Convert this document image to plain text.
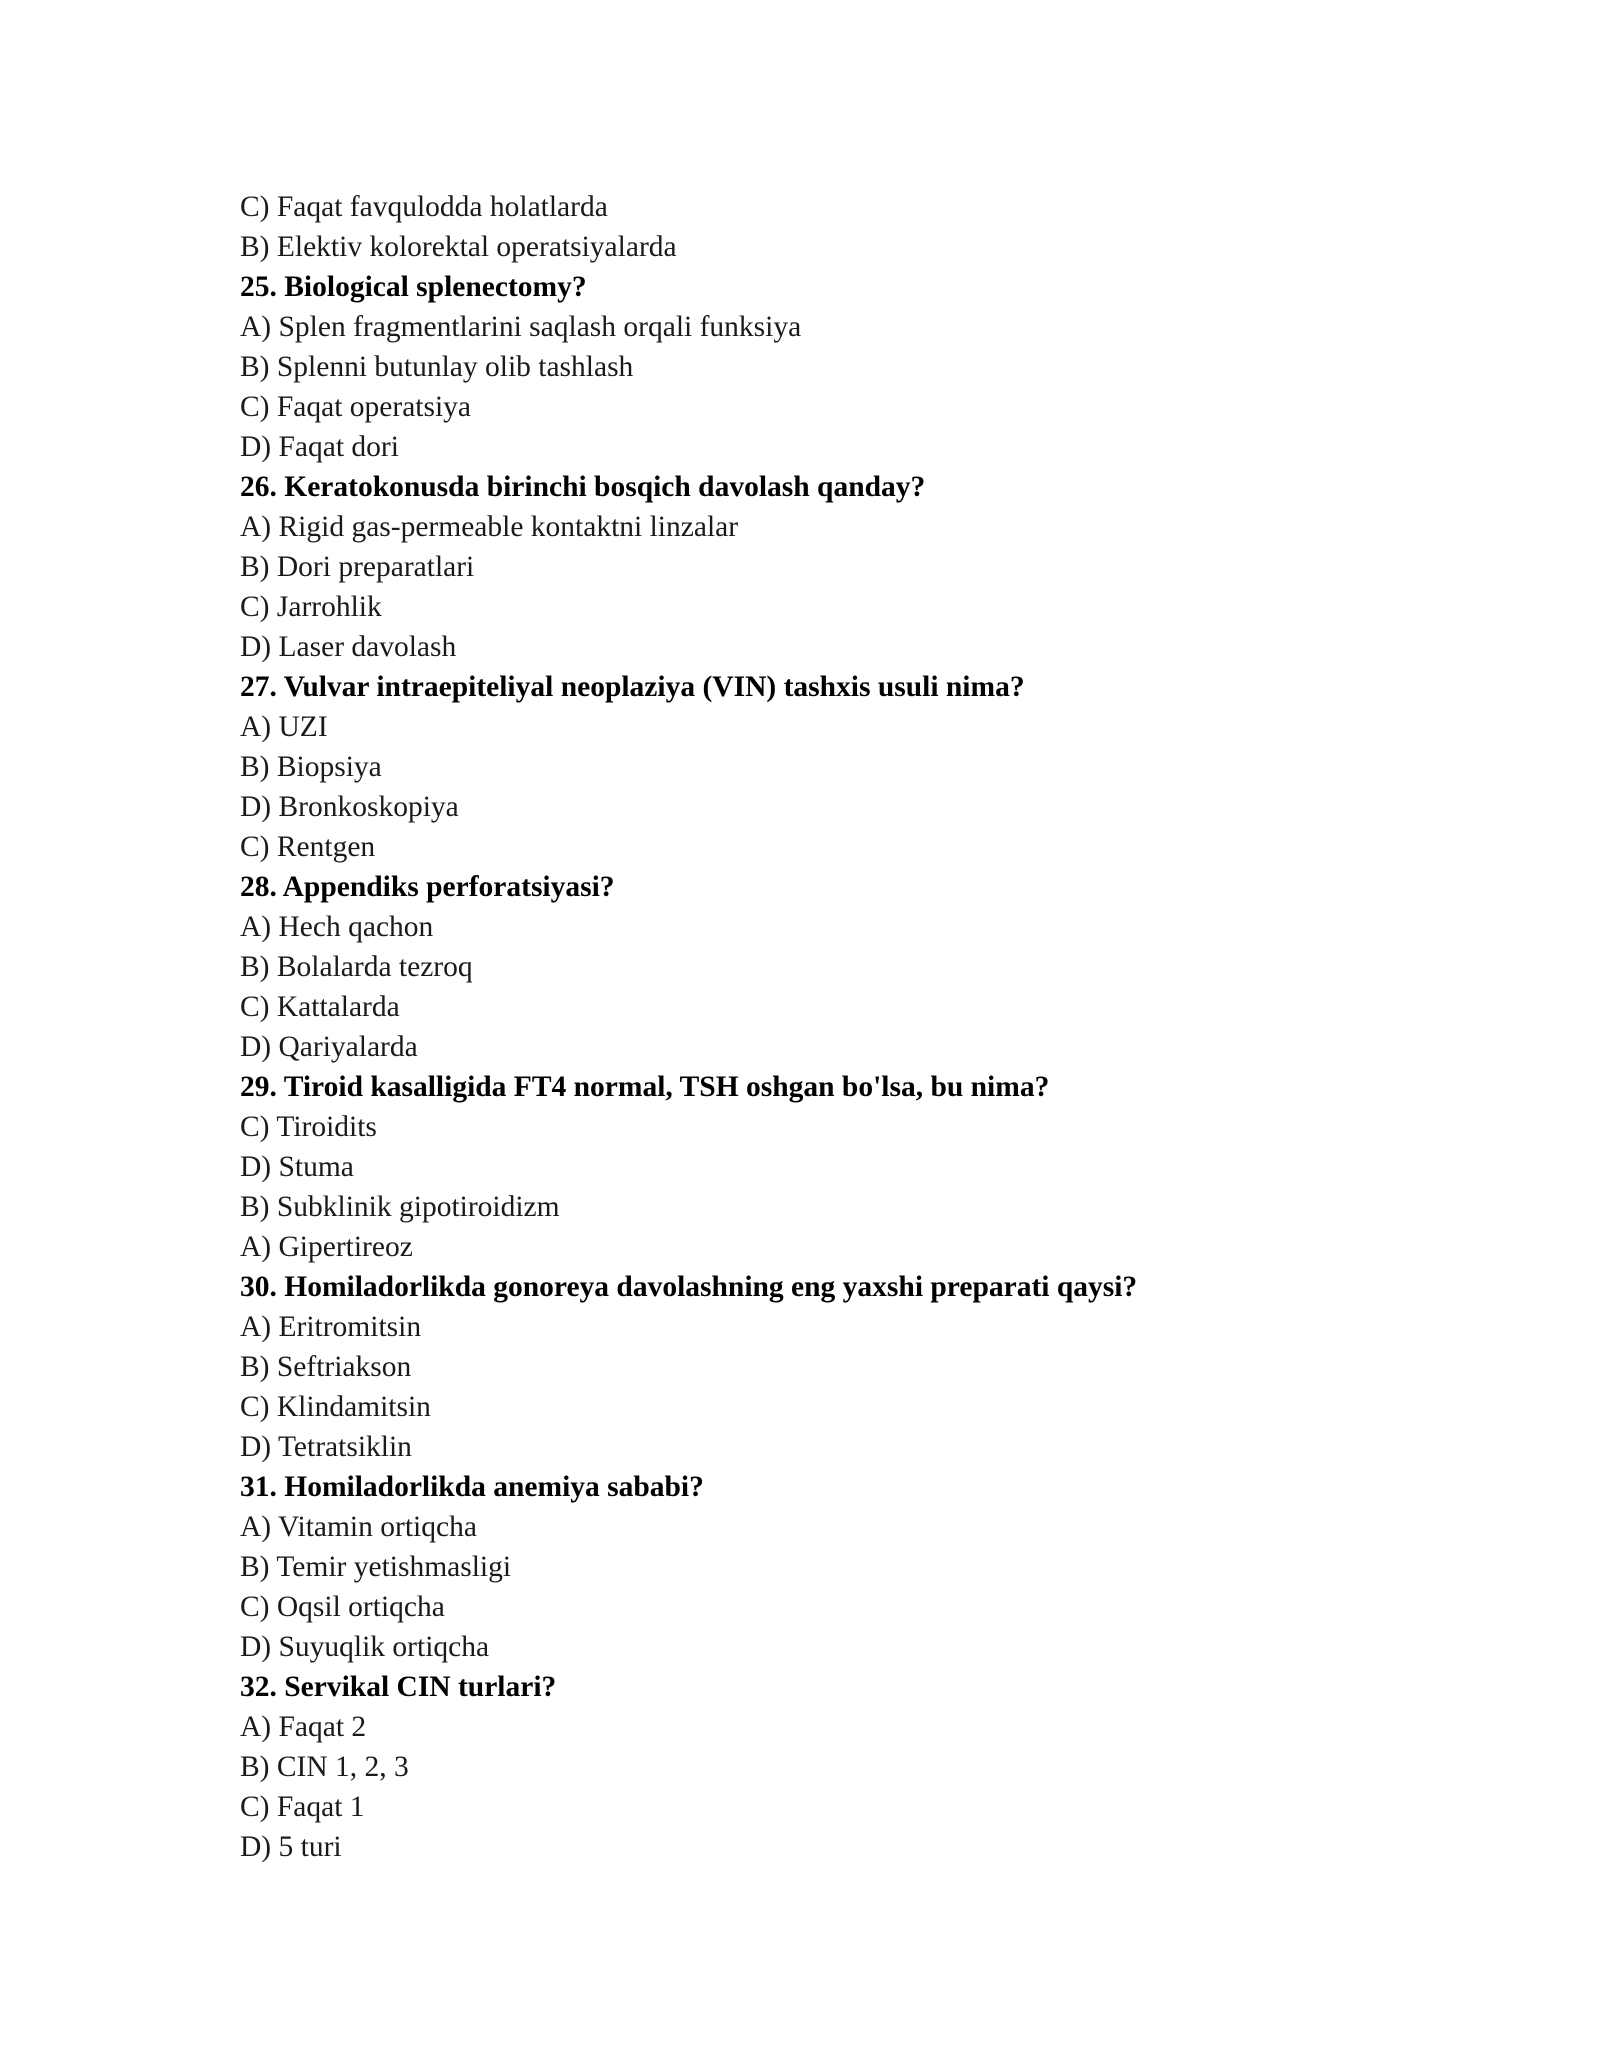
C) Faqat favqulodda holatlarda
B) Elektiv kolorektal operatsiyalarda
25. Biological splenectomy?
A) Splen fragmentlarini saqlash orqali funksiya
B) Splenni butunlay olib tashlash
C) Faqat operatsiya
D) Faqat dori
26. Keratokonusda birinchi bosqich davolash qanday?
A) Rigid gas-permeable kontaktni linzalar
B) Dori preparatlari
C) Jarrohlik
D) Laser davolash
27. Vulvar intraepiteliyal neoplaziya (VIN) tashxis usuli nima?
A) UZI
B) Biopsiya
D) Bronkoskopiya
C) Rentgen
28. Appendiks perforatsiyasi?
A) Hech qachon
B) Bolalarda tezroq
C) Kattalarda
D) Qariyalarda
29. Tiroid kasalligida FT4 normal, TSH oshgan bo'lsa, bu nima?
C) Tiroidits
D) Stuma
B) Subklinik gipotiroidizm
A) Gipertireoz
30. Homiladorlikda gonoreya davolashning eng yaxshi preparati qaysi?
A) Eritromitsin
B) Seftriakson
C) Klindamitsin
D) Tetratsiklin
31. Homiladorlikda anemiya sababi?
A) Vitamin ortiqcha
B) Temir yetishmasligi
C) Oqsil ortiqcha
D) Suyuqlik ortiqcha
32. Servikal CIN turlari?
A) Faqat 2
B) CIN 1, 2, 3
C) Faqat 1
D) 5 turi
